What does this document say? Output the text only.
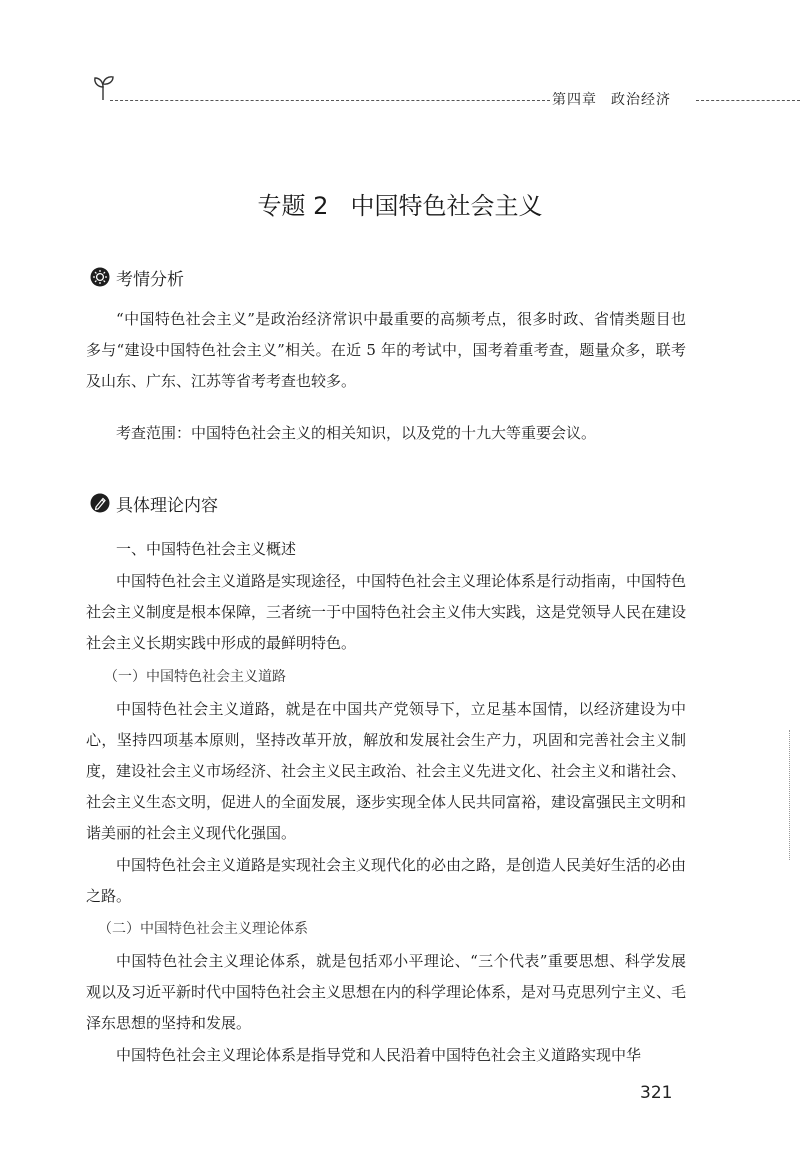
第四章 政治经济
专题 2 中国特色社会主义
考情分析

“中国特色社会主义”是政治经济常识中最重要的高频考点，很多时政、省情类题目也多与“建设中国特色社会主义”相关。在近 5 年的考试中，国考着重考查，题量众多，联考及山东、广东、江苏等省考考查也较多。

考查范围：中国特色社会主义的相关知识，以及党的十九大等重要会议。

具体理论内容
一、中国特色社会主义概述

中国特色社会主义道路是实现途径，中国特色社会主义理论体系是行动指南，中国特色社会主义制度是根本保障，三者统一于中国特色社会主义伟大实践，这是党领导人民在建设社会主义长期实践中形成的最鲜明特色。

（一）中国特色社会主义道路

中国特色社会主义道路，就是在中国共产党领导下，立足基本国情，以经济建设为中心，坚持四项基本原则，坚持改革开放，解放和发展社会生产力，巩固和完善社会主义制度，建设社会主义市场经济、社会主义民主政治、社会主义先进文化、社会主义和谐社会、社会主义生态文明，促进人的全面发展，逐步实现全体人民共同富裕，建设富强民主文明和谐美丽的社会主义现代化强国。

中国特色社会主义道路是实现社会主义现代化的必由之路，是创造人民美好生活的必由之路。

（二）中国特色社会主义理论体系

中国特色社会主义理论体系，就是包括邓小平理论、“三个代表”重要思想、科学发展观以及习近平新时代中国特色社会主义思想在内的科学理论体系，是对马克思列宁主义、毛泽东思想的坚持和发展。

中国特色社会主义理论体系是指导党和人民沿着中国特色社会主义道路实现中华

321
